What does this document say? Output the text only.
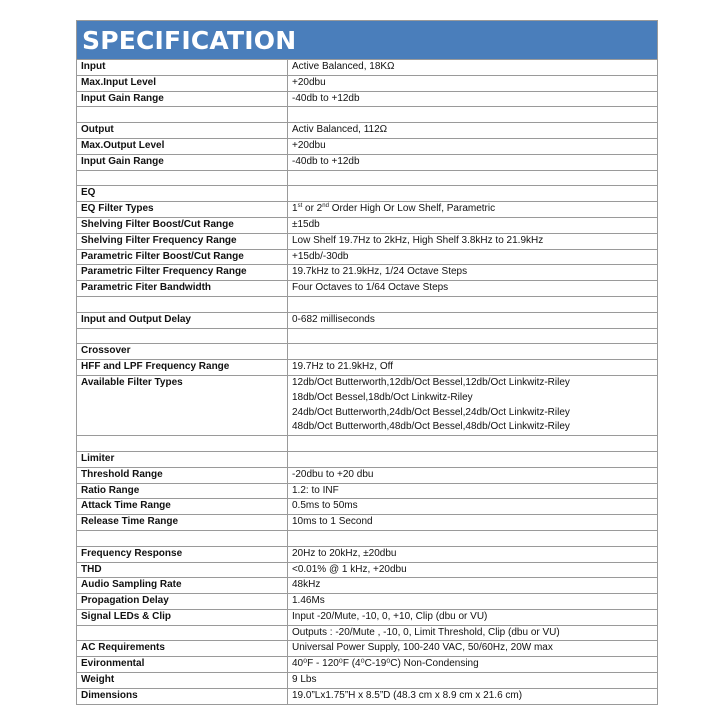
SPECIFICATION
Input	Active Balanced, 18KΩ
Max.Input Level	+20dbu
Input Gain Range	-40db to +12db

Output	Activ Balanced, 112Ω
Max.Output Level	+20dbu
Input Gain Range	-40db to +12db

EQ	
EQ Filter Types	1st or 2nd Order High Or Low Shelf, Parametric
Shelving Filter Boost/Cut Range	±15db
Shelving Filter Frequency Range	Low Shelf 19.7Hz to 2kHz, High Shelf 3.8kHz to 21.9kHz
Parametric Filter Boost/Cut Range	+15db/-30db
Parametric Filter Frequency Range	19.7kHz to 21.9kHz, 1/24 Octave Steps
Parametric Fiter Bandwidth	Four Octaves to 1/64 Octave Steps

Input and Output Delay	0-682 milliseconds

Crossover	
HFF and LPF Frequency Range	19.7Hz to 21.9kHz, Off
Available Filter Types	12db/Oct Butterworth,12db/Oct Bessel,12db/Oct Linkwitz-Riley
	18db/Oct Bessel,18db/Oct Linkwitz-Riley
	24db/Oct Butterworth,24db/Oct Bessel,24db/Oct Linkwitz-Riley
	48db/Oct Butterworth,48db/Oct Bessel,48db/Oct Linkwitz-Riley

Limiter	
Threshold Range	-20dbu to +20 dbu
Ratio Range	1.2: to INF
Attack Time Range	0.5ms to 50ms
Release Time Range	10ms to 1 Second

Frequency Response	20Hz to 20kHz, ±20dbu
THD	<0.01% @ 1 kHz, +20dbu
Audio Sampling Rate	48kHz
Propagation Delay	1.46Ms
Signal LEDs & Clip	Input -20/Mute, -10, 0, +10, Clip (dbu or VU)
	Outputs : -20/Mute , -10, 0, Limit Threshold, Clip (dbu or VU)
AC Requirements	Universal Power Supply, 100-240 VAC, 50/60Hz, 20W max
Evironmental	40⁰F - 120⁰F (4⁰C-19⁰C) Non-Condensing
Weight	9 Lbs
Dimensions	19.0”Lx1.75”H x 8.5”D (48.3 cm x 8.9 cm x 21.6 cm)
